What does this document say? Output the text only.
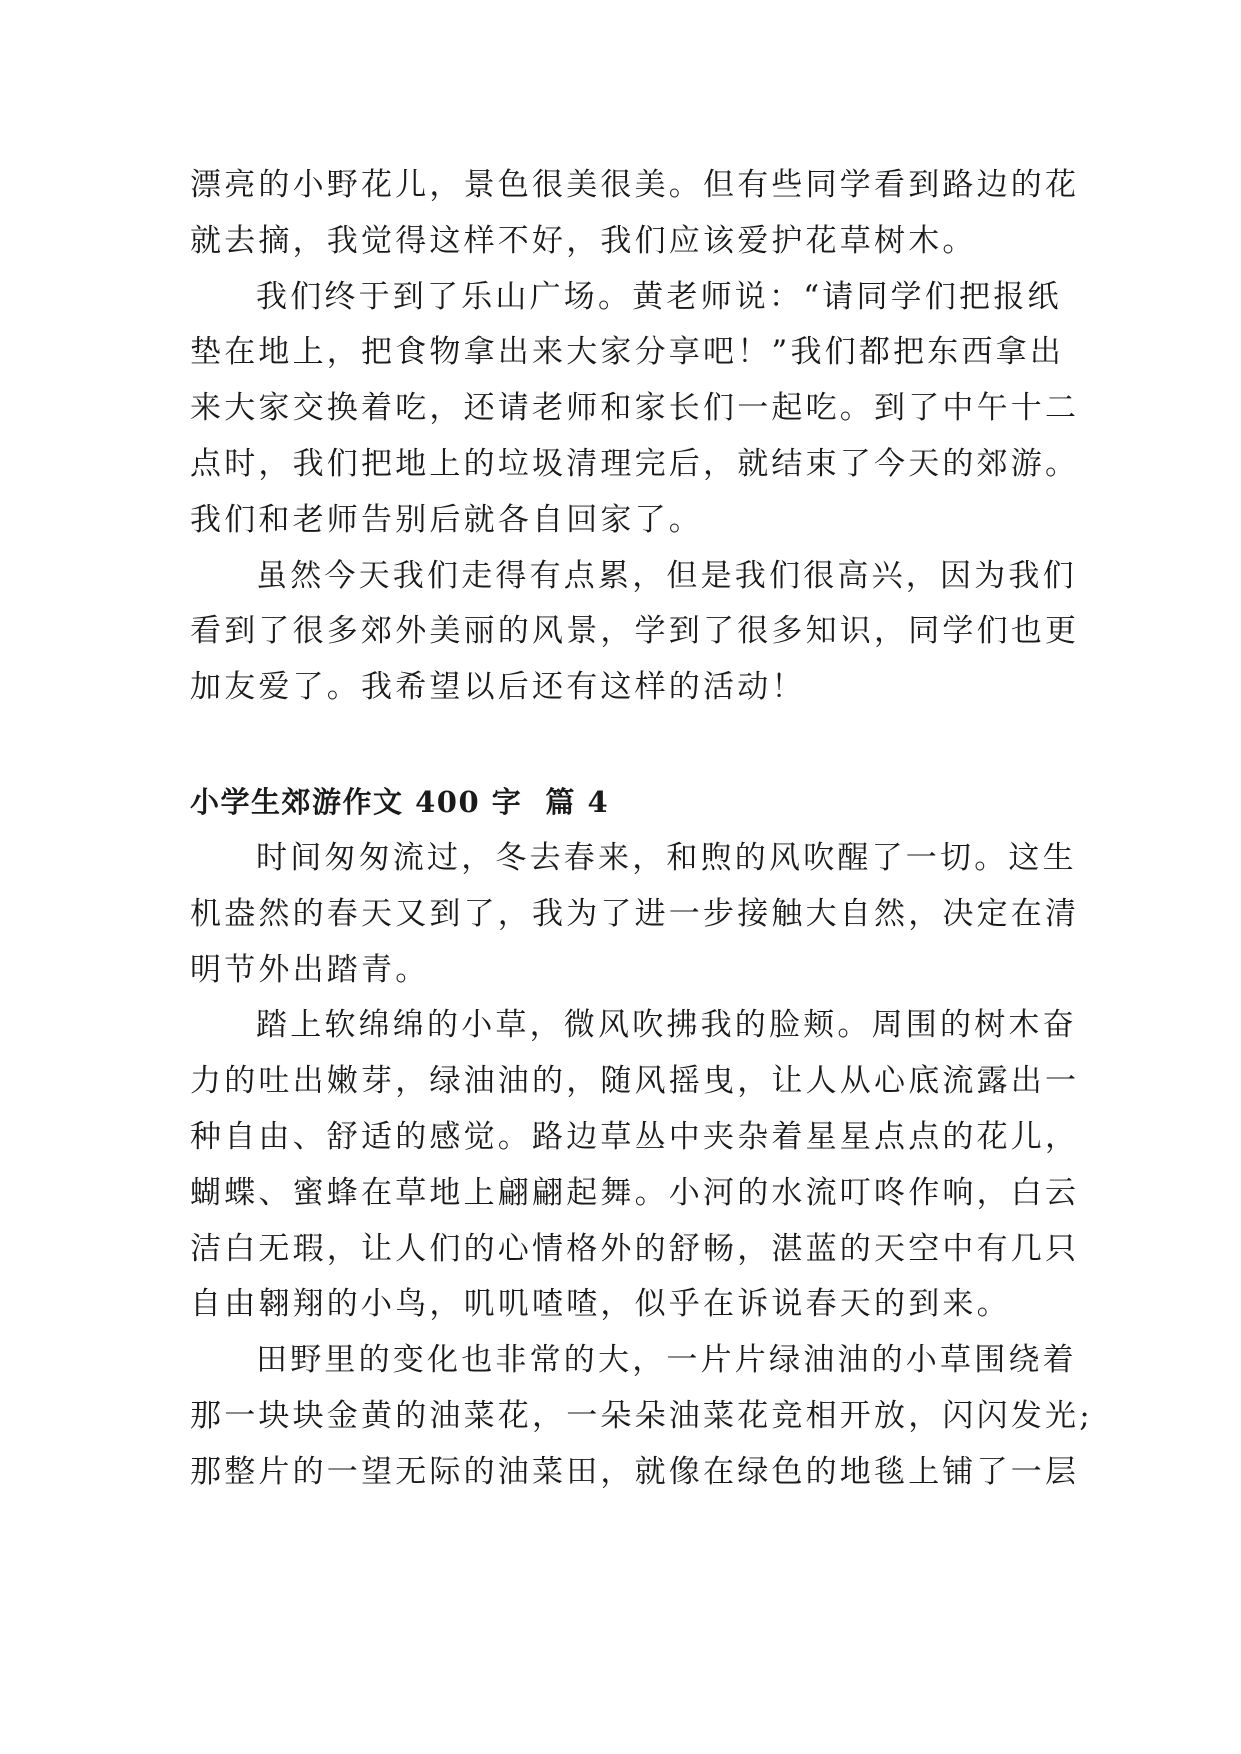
漂亮的小野花儿，景色很美很美。但有些同学看到路边的花
就去摘，我觉得这样不好，我们应该爱护花草树木。

我们终于到了乐山广场。黄老师说：“请同学们把报纸
垫在地上，把食物拿出来大家分享吧！”我们都把东西拿出
来大家交换着吃，还请老师和家长们一起吃。到了中午十二
点时，我们把地上的垃圾清理完后，就结束了今天的郊游。
我们和老师告别后就各自回家了。

虽然今天我们走得有点累，但是我们很高兴，因为我们
看到了很多郊外美丽的风景，学到了很多知识，同学们也更
加友爱了。我希望以后还有这样的活动！

小学生郊游作文 400 字  篇 4

时间匆匆流过，冬去春来，和煦的风吹醒了一切。这生
机盎然的春天又到了，我为了进一步接触大自然，决定在清
明节外出踏青。

踏上软绵绵的小草，微风吹拂我的脸颊。周围的树木奋
力的吐出嫩芽，绿油油的，随风摇曳，让人从心底流露出一
种自由、舒适的感觉。路边草丛中夹杂着星星点点的花儿，
蝴蝶、蜜蜂在草地上翩翩起舞。小河的水流叮咚作响，白云
洁白无瑕，让人们的心情格外的舒畅，湛蓝的天空中有几只
自由翱翔的小鸟，叽叽喳喳，似乎在诉说春天的到来。

田野里的变化也非常的大，一片片绿油油的小草围绕着
那一块块金黄的油菜花，一朵朵油菜花竞相开放，闪闪发光;
那整片的一望无际的油菜田，就像在绿色的地毯上铺了一层
